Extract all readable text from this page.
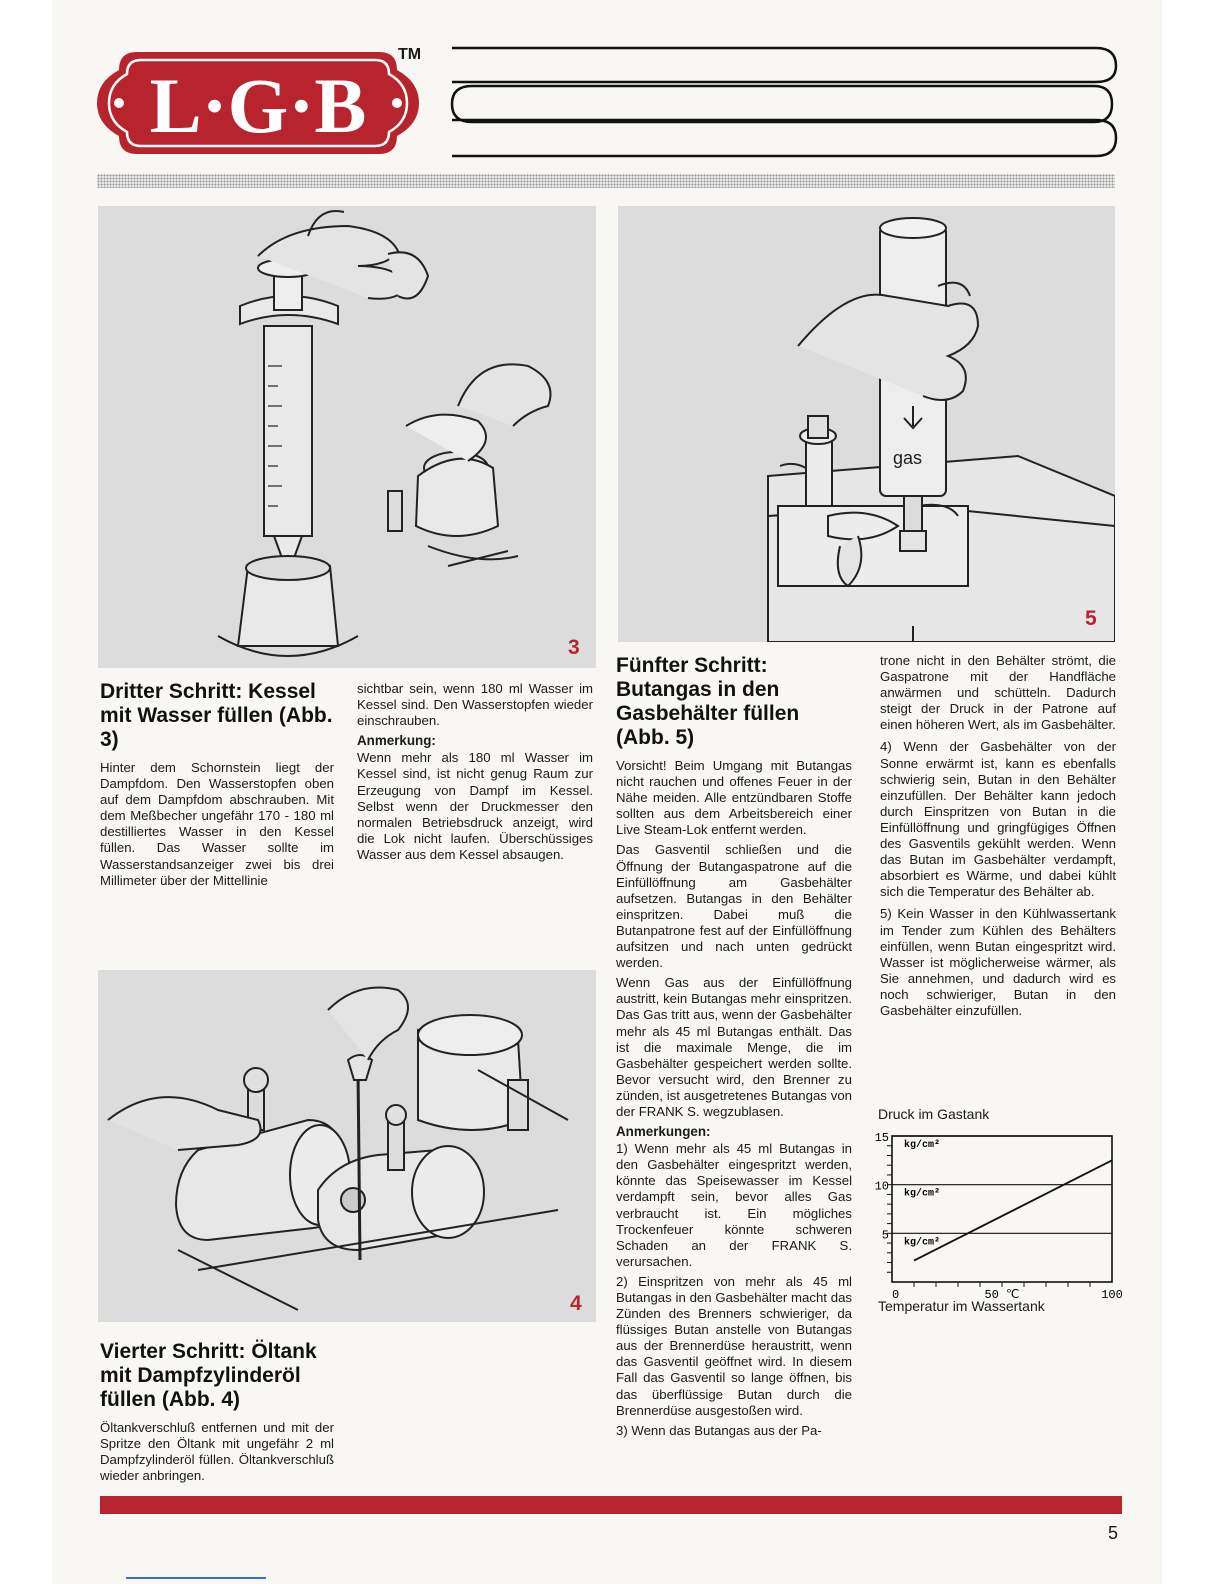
L·G·B
TM
3
gas
5
4
Dritter Schritt: Kessel mit Wasser füllen (Abb. 3)

Hinter dem Schornstein liegt der Dampfdom. Den Wasserstopfen oben auf dem Dampfdom abschrauben. Mit dem Meßbecher ungefähr 170 - 180 ml destilliertes Wasser in den Kessel füllen. Das Wasser sollte im Wasserstandsanzeiger zwei bis drei Millimeter über der Mittellinie

Vierter Schritt: Öltank mit Dampfzylinderöl füllen (Abb. 4)

Öltankverschluß entfernen und mit der Spritze den Öltank mit ungefähr 2 ml Dampfzylinderöl füllen. Öltankverschluß wieder anbringen.

sichtbar sein, wenn 180 ml Wasser im Kessel sind. Den Wasserstopfen wieder einschrauben.

Anmerkung:

Wenn mehr als 180 ml Wasser im Kessel sind, ist nicht genug Raum zur Erzeugung von Dampf im Kessel. Selbst wenn der Druckmesser den normalen Betriebsdruck anzeigt, wird die Lok nicht laufen. Überschüssiges Wasser aus dem Kessel absaugen.

Fünfter Schritt: Butangas in den Gasbehälter füllen (Abb. 5)

Vorsicht! Beim Umgang mit Butangas nicht rauchen und offenes Feuer in der Nähe meiden. Alle entzündbaren Stoffe sollten aus dem Arbeitsbereich einer Live Steam-Lok entfernt werden.

Das Gasventil schließen und die Öffnung der Butangaspatrone auf die Einfüllöffnung am Gasbehälter aufsetzen. Butangas in den Behälter einspritzen. Dabei muß die Butanpatrone fest auf der Einfüllöffnung aufsitzen und nach unten gedrückt werden.

Wenn Gas aus der Einfüllöffnung austritt, kein Butangas mehr einspritzen. Das Gas tritt aus, wenn der Gasbehälter mehr als 45 ml Butangas enthält. Das ist die maximale Menge, die im Gasbehälter gespeichert werden sollte. Bevor versucht wird, den Brenner zu zünden, ist ausgetretenes Butangas von der FRANK S. wegzublasen.

Anmerkungen:

1) Wenn mehr als 45 ml Butangas in den Gasbehälter eingespritzt werden, könnte das Speisewasser im Kessel verdampft sein, bevor alles Gas verbraucht ist. Ein mögliches Trockenfeuer könnte schweren Schaden an der FRANK S. verursachen.

2) Einspritzen von mehr als 45 ml Butangas in den Gasbehälter macht das Zünden des Brenners schwieriger, da flüssiges Butan anstelle von Butangas aus der Brennerdüse heraustritt, wenn das Gasventil geöffnet wird. In diesem Fall das Gasventil so lange öffnen, bis das überflüssige Butan durch die Brennerdüse ausgestoßen wird.

3) Wenn das Butangas aus der Pa-

trone nicht in den Behälter strömt, die Gaspatrone mit der Handfläche anwärmen und schütteln. Dadurch steigt der Druck in der Patrone auf einen höheren Wert, als im Gasbehälter.

4) Wenn der Gasbehälter von der Sonne erwärmt ist, kann es ebenfalls schwierig sein, Butan in den Behälter einzufüllen. Der Behälter kann jedoch durch Einspritzen von Butan in die Einfüllöffnung und gringfügiges Öffnen des Gasventils gekühlt werden. Wenn das Butan im Gasbehälter verdampft, absorbiert es Wärme, und dabei kühlt sich die Temperatur des Behälter ab.

5) Kein Wasser in den Kühlwassertank im Tender zum Kühlen des Behälters einfüllen, wenn Butan eingespritzt wird. Wasser ist möglicherweise wärmer, als Sie annehmen, und dadurch wird es noch schwieriger, Butan in den Gasbehälter einzufüllen.

Druck im Gastank
5
kg/cm²
10
kg/cm²
15
kg/cm²
0	50 ℃	100
Temperatur im Wassertank
5
